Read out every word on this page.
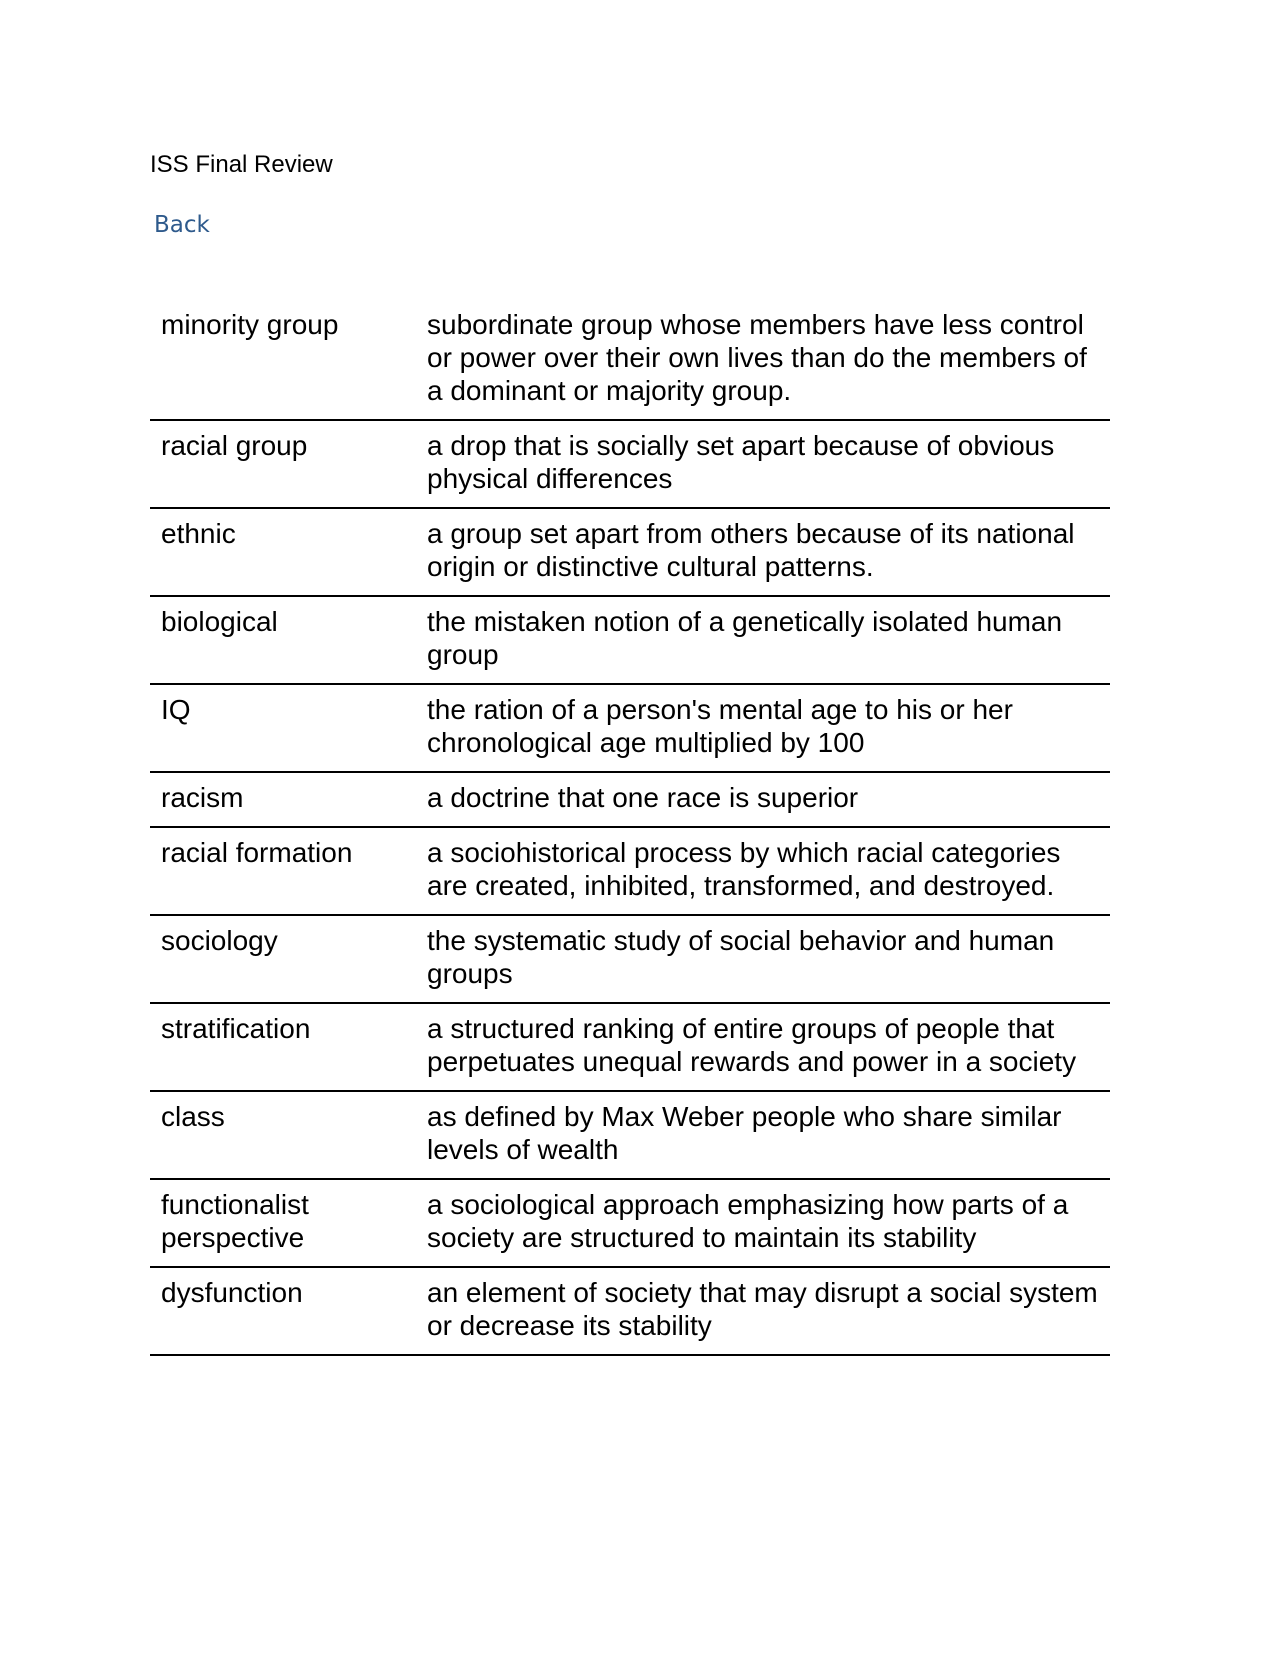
ISS Final Review
Back
minority group	subordinate group whose members have less control or power over their own lives than do the members of a dominant or majority group.
racial group	a drop that is socially set apart because of obvious physical differences
ethnic	a group set apart from others because of its national origin or distinctive cultural patterns.
biological	the mistaken notion of a genetically isolated human group
IQ	the ration of a person's mental age to his or her chronological age multiplied by 100
racism	a doctrine that one race is superior
racial formation	a sociohistorical process by which racial categories are created, inhibited, transformed, and destroyed.
sociology	the systematic study of social behavior and human groups
stratification	a structured ranking of entire groups of people that perpetuates unequal rewards and power in a society
class	as defined by Max Weber people who share similar levels of wealth
functionalist perspective	a sociological approach emphasizing how parts of a society are structured to maintain its stability
dysfunction	an element of society that may disrupt a social system or decrease its stability
